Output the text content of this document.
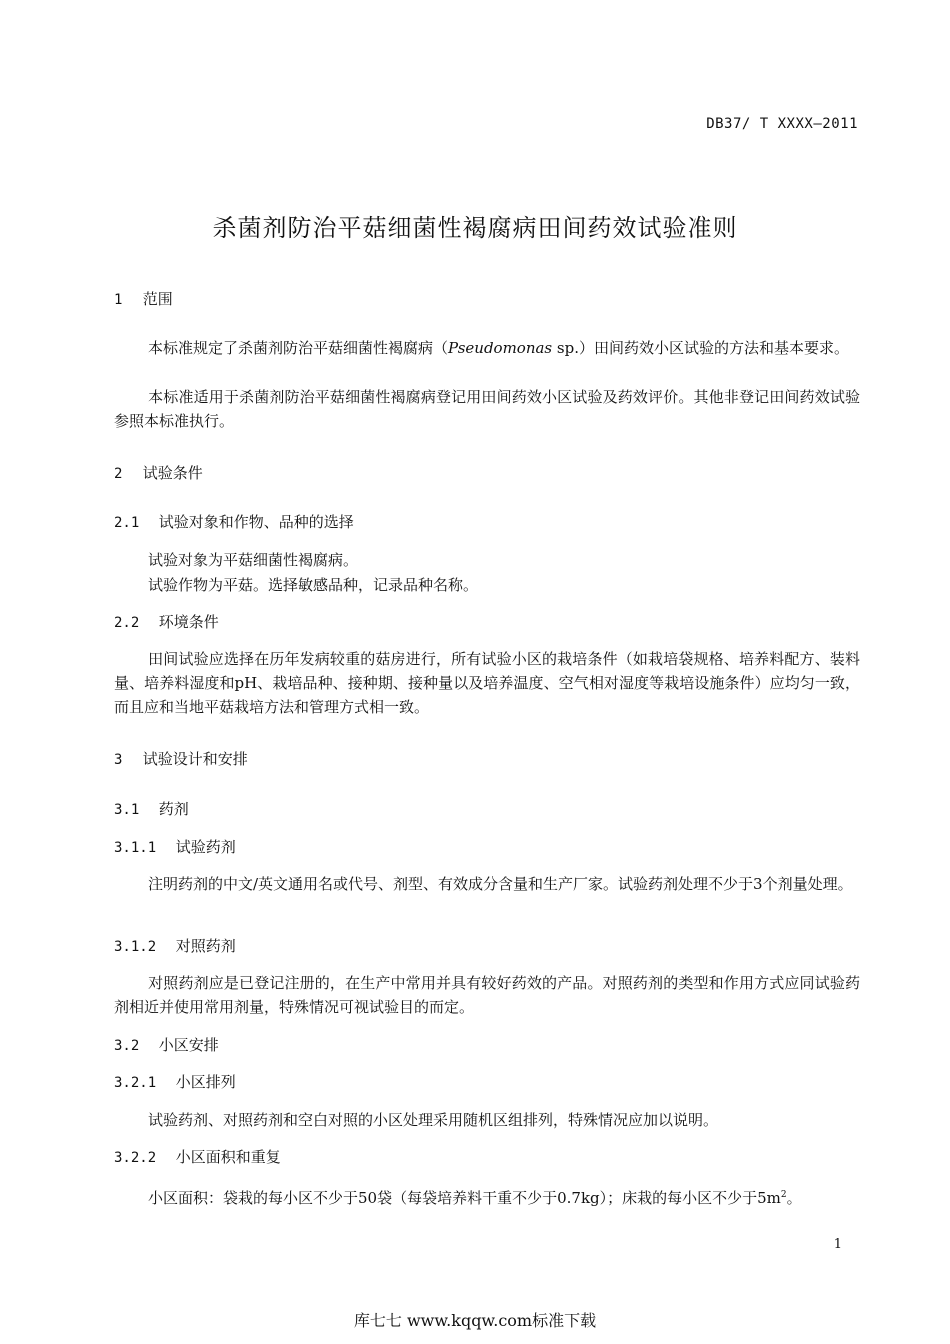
DB37/ T XXXX—2011
杀菌剂防治平菇细菌性褐腐病田间药效试验准则
1 范围
本标准规定了杀菌剂防治平菇细菌性褐腐病（Pseudomonas sp.）田间药效小区试验的方法和基本要求。
本标准适用于杀菌剂防治平菇细菌性褐腐病登记用田间药效小区试验及药效评价。其他非登记田间药效试验参照本标准执行。
2 试验条件
2.1 试验对象和作物、品种的选择
试验对象为平菇细菌性褐腐病。
试验作物为平菇。选择敏感品种，记录品种名称。
2.2 环境条件
田间试验应选择在历年发病较重的菇房进行，所有试验小区的栽培条件（如栽培袋规格、培养料配方、装料量、培养料湿度和pH、栽培品种、接种期、接种量以及培养温度、空气相对湿度等栽培设施条件）应均匀一致，而且应和当地平菇栽培方法和管理方式相一致。
3 试验设计和安排
3.1 药剂
3.1.1 试验药剂
注明药剂的中文/英文通用名或代号、剂型、有效成分含量和生产厂家。试验药剂处理不少于3个剂量处理。
3.1.2 对照药剂
对照药剂应是已登记注册的，在生产中常用并具有较好药效的产品。对照药剂的类型和作用方式应同试验药剂相近并使用常用剂量，特殊情况可视试验目的而定。
3.2 小区安排
3.2.1 小区排列
试验药剂、对照药剂和空白对照的小区处理采用随机区组排列，特殊情况应加以说明。
3.2.2 小区面积和重复
小区面积：袋栽的每小区不少于50袋（每袋培养料干重不少于0.7kg）；床栽的每小区不少于$5m^2$。
1
库七七 www.kqqw.com标准下载
